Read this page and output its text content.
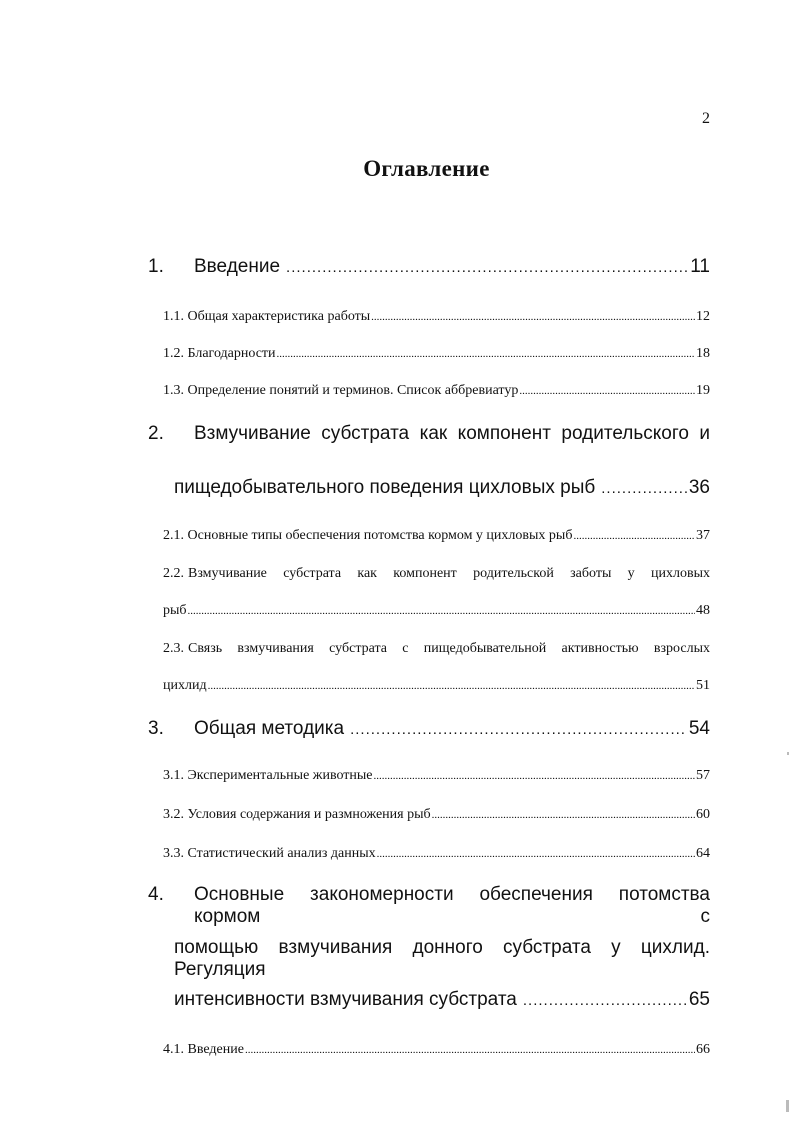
2
Оглавление
1.	Введение .....	11
1.1. Общая характеристика работы .....	12
1.2. Благодарности .....	18
1.3. Определение понятий и терминов. Список аббревиатур .....	19
2.	Взмучивание субстрата как компонент родительского и
пищедобывательного поведения цихловых рыб .....	36
2.1. Основные типы обеспечения потомства кормом у цихловых рыб .....	37
2.2. Взмучивание субстрата как компонент родительской заботы у цихловых
рыб .....	48
2.3. Связь взмучивания субстрата с пищедобывательной активностью взрослых
цихлид .....	51
3.	Общая методика .....	54
3.1. Экспериментальные животные .....	57
3.2. Условия содержания и размножения рыб .....	60
3.3. Статистический анализ данных .....	64
4.	Основные закономерности обеспечения потомства кормом с
помощью взмучивания донного субстрата у цихлид. Регуляция
интенсивности взмучивания субстрата .....	65
4.1. Введение .....	66
